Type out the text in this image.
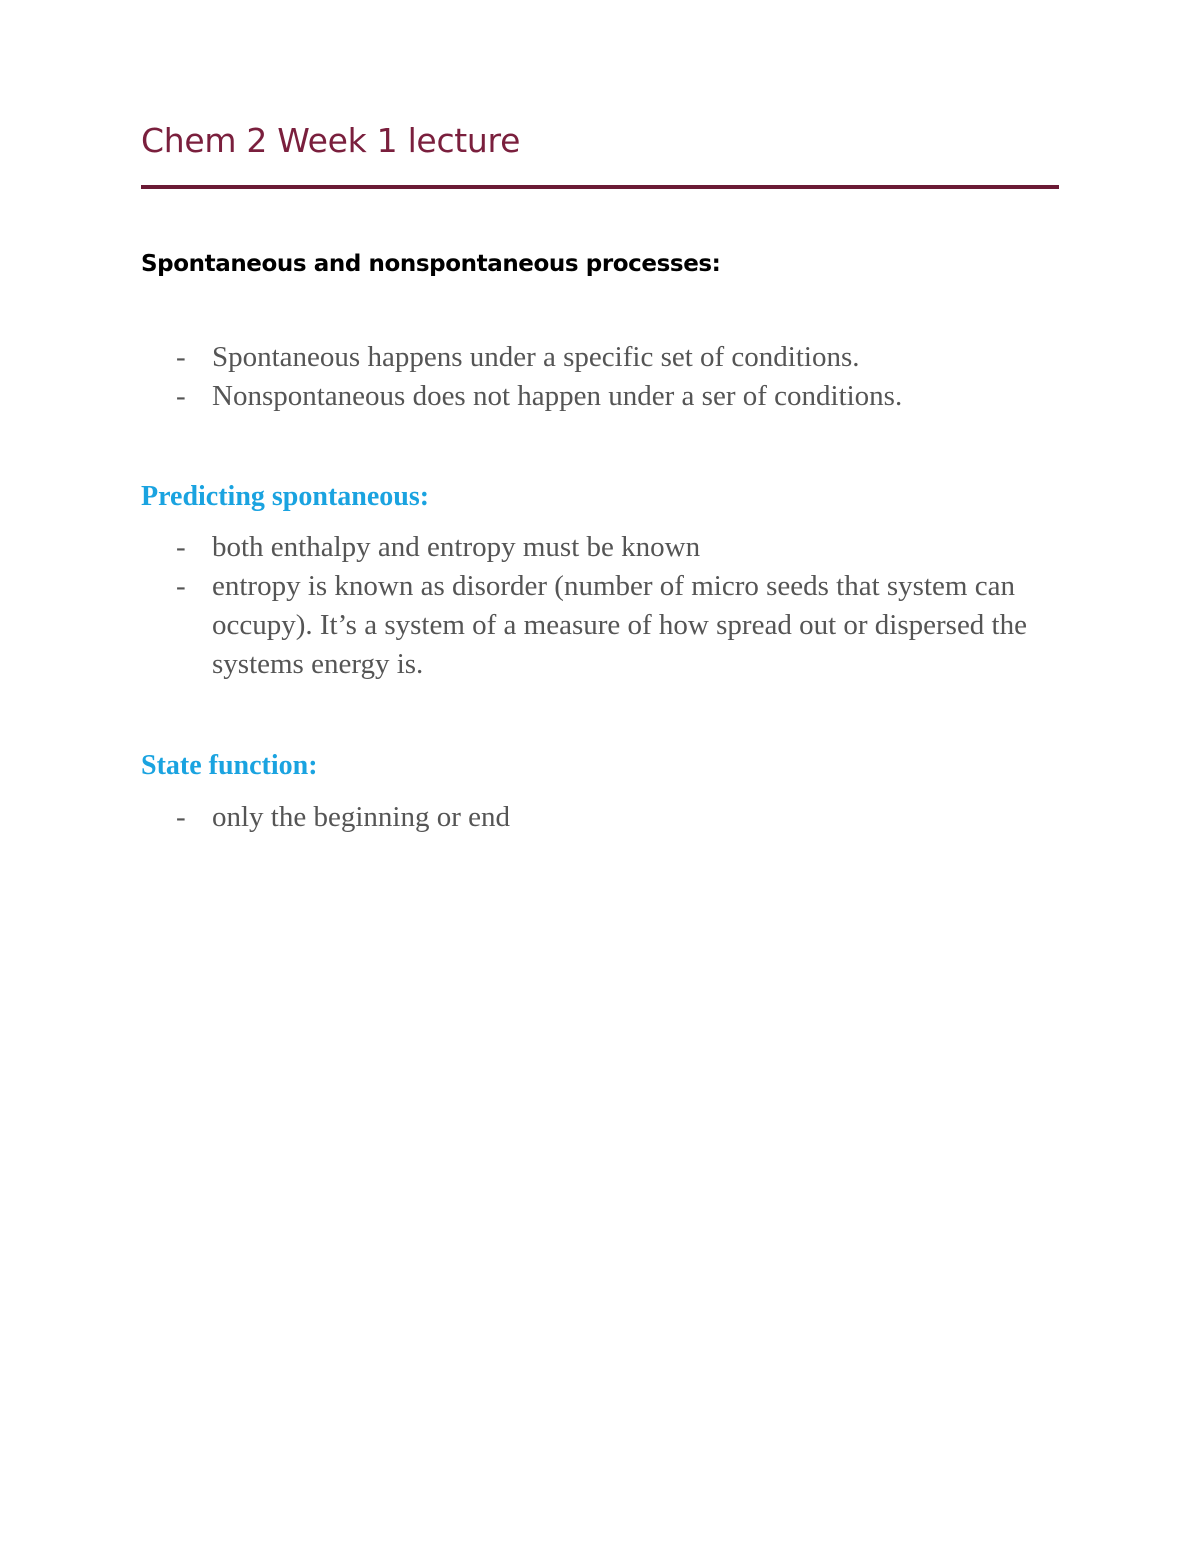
Chem 2 Week 1 lecture
Spontaneous and nonspontaneous processes:
- Spontaneous happens under a specific set of conditions.
- Nonspontaneous does not happen under a ser of conditions.
Predicting spontaneous:
- both enthalpy and entropy must be known
- entropy is known as disorder (number of micro seeds that system can occupy). It’s a system of a measure of how spread out or dispersed the systems energy is.
State function:
- only the beginning or end
